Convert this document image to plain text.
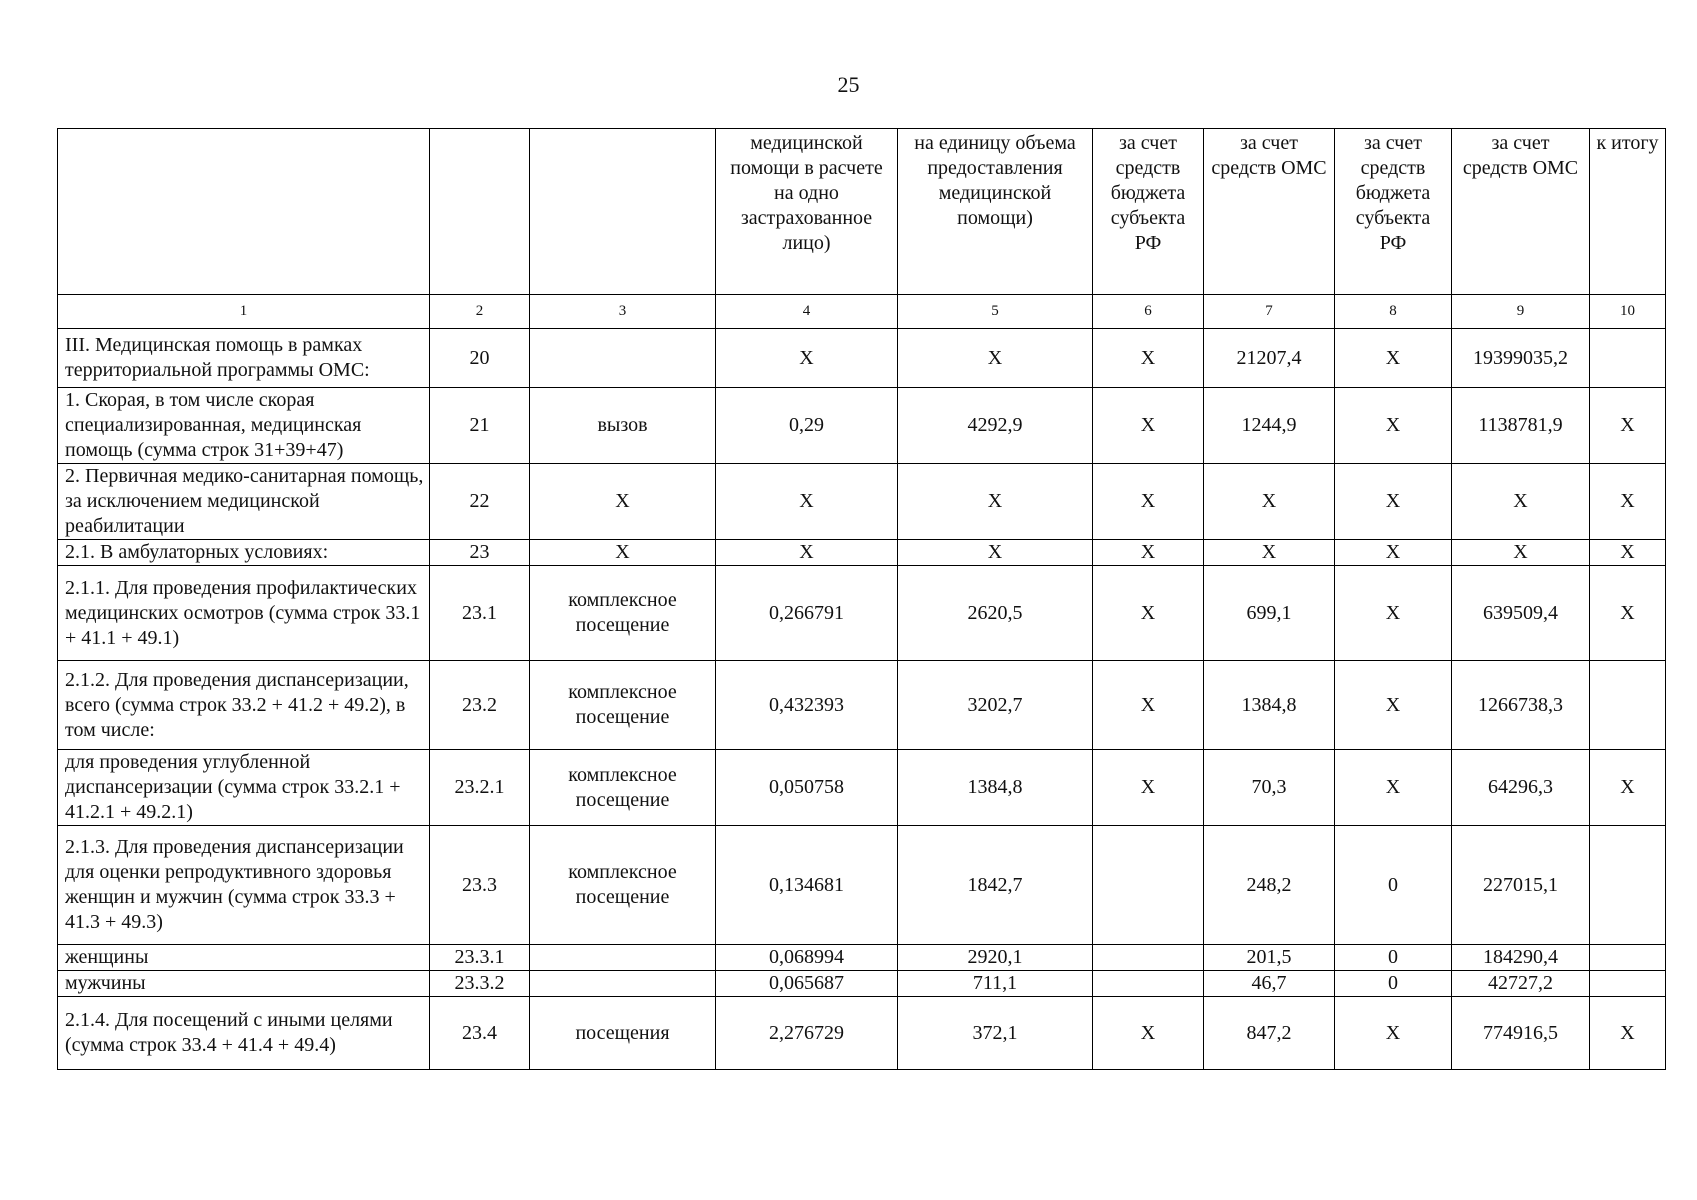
25
			медицинской помощи в расчете на одно застрахованное лицо)	на единицу объема предоставления медицинской помощи)	за счет средств бюджета субъекта РФ	за счет средств ОМС	за счет средств бюджета субъекта РФ	за счет средств ОМС	к итогу
1	2	3	4	5	6	7	8	9	10
III. Медицинская помощь в рамках территориальной программы ОМС:	20		X	X	X	21207,4	X	19399035,2	
1. Скорая, в том числе скорая специализированная, медицинская помощь (сумма строк 31+39+47)	21	вызов	0,29	4292,9	X	1244,9	X	1138781,9	X
2. Первичная медико-санитарная помощь, за исключением медицинской реабилитации	22	X	X	X	X	X	X	X	X
2.1. В амбулаторных условиях:	23	X	X	X	X	X	X	X	X
2.1.1. Для проведения профилактических медицинских осмотров (сумма строк 33.1 + 41.1 + 49.1)	23.1	комплексное посещение	0,266791	2620,5	X	699,1	X	639509,4	X
2.1.2. Для проведения диспансеризации, всего (сумма строк 33.2 + 41.2 + 49.2), в том числе:	23.2	комплексное посещение	0,432393	3202,7	X	1384,8	X	1266738,3	
для проведения углубленной диспансеризации (сумма строк 33.2.1 + 41.2.1 + 49.2.1)	23.2.1	комплексное посещение	0,050758	1384,8	X	70,3	X	64296,3	X
2.1.3. Для проведения диспансеризации для оценки репродуктивного здоровья женщин и мужчин (сумма строк 33.3 + 41.3 + 49.3)	23.3	комплексное посещение	0,134681	1842,7		248,2	0	227015,1	
женщины	23.3.1		0,068994	2920,1		201,5	0	184290,4	
мужчины	23.3.2		0,065687	711,1		46,7	0	42727,2	
2.1.4. Для посещений с иными целями (сумма строк 33.4 + 41.4 + 49.4)	23.4	посещения	2,276729	372,1	X	847,2	X	774916,5	X
